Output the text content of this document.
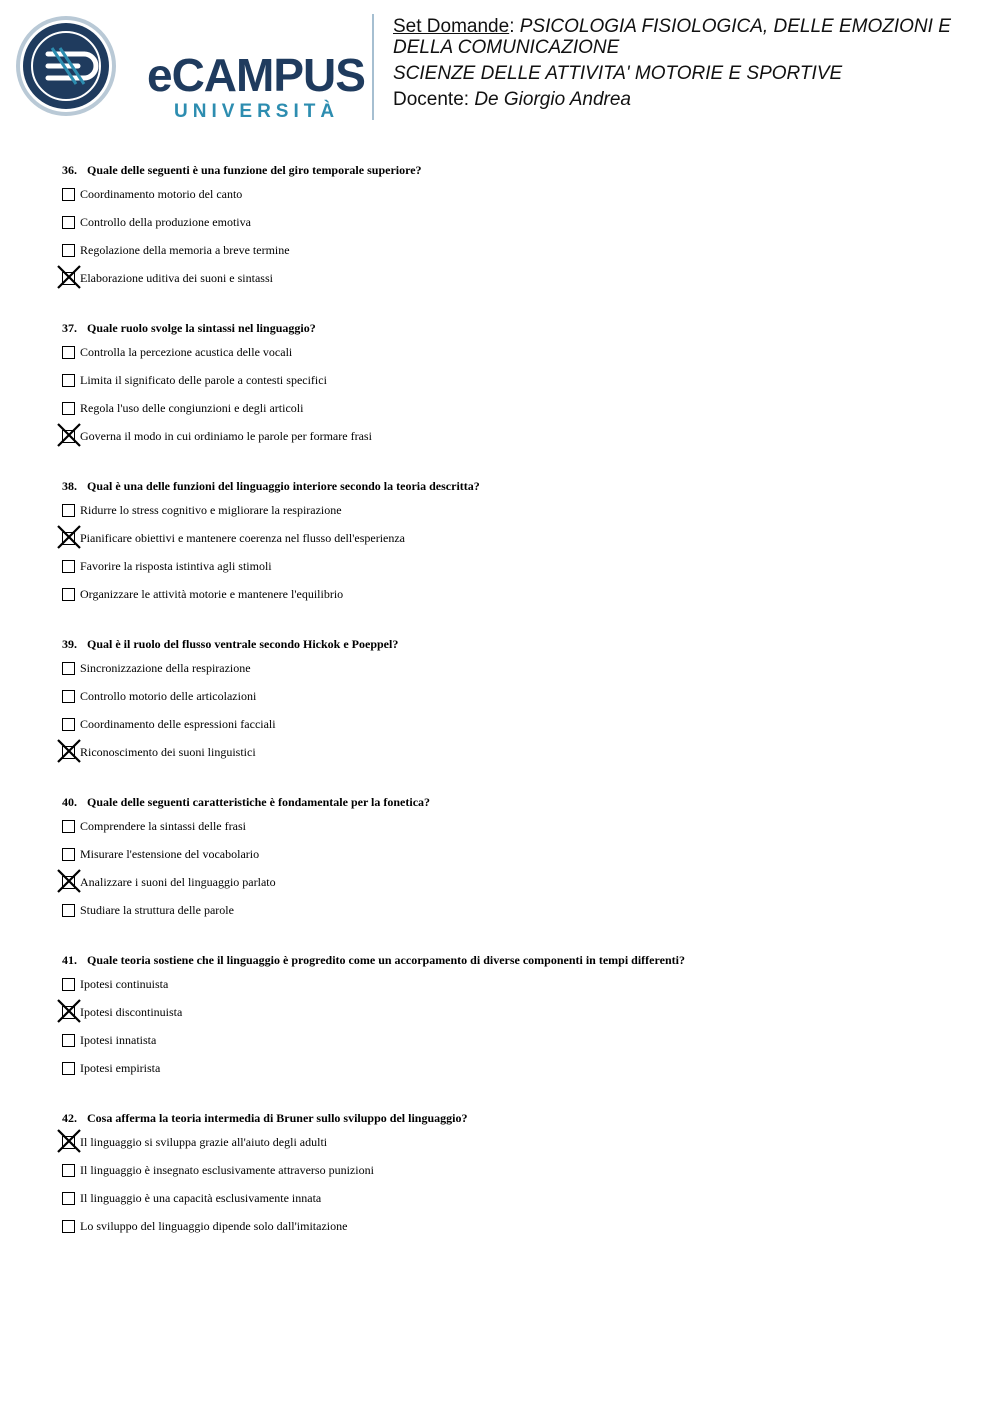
eCAMPUS
UNIVERSITÀ
Set Domande: PSICOLOGIA FISIOLOGICA, DELLE EMOZIONI E DELLA COMUNICAZIONE
SCIENZE DELLE ATTIVITA' MOTORIE E SPORTIVE
Docente: De Giorgio Andrea
36. Quale delle seguenti è una funzione del giro temporale superiore?
Coordinamento motorio del canto
Controllo della produzione emotiva
Regolazione della memoria a breve termine
Elaborazione uditiva dei suoni e sintassi
37. Quale ruolo svolge la sintassi nel linguaggio?
Controlla la percezione acustica delle vocali
Limita il significato delle parole a contesti specifici
Regola l'uso delle congiunzioni e degli articoli
Governa il modo in cui ordiniamo le parole per formare frasi
38. Qual è una delle funzioni del linguaggio interiore secondo la teoria descritta?
Ridurre lo stress cognitivo e migliorare la respirazione
Pianificare obiettivi e mantenere coerenza nel flusso dell'esperienza
Favorire la risposta istintiva agli stimoli
Organizzare le attività motorie e mantenere l'equilibrio
39. Qual è il ruolo del flusso ventrale secondo Hickok e Poeppel?
Sincronizzazione della respirazione
Controllo motorio delle articolazioni
Coordinamento delle espressioni facciali
Riconoscimento dei suoni linguistici
40. Quale delle seguenti caratteristiche è fondamentale per la fonetica?
Comprendere la sintassi delle frasi
Misurare l'estensione del vocabolario
Analizzare i suoni del linguaggio parlato
Studiare la struttura delle parole
41. Quale teoria sostiene che il linguaggio è progredito come un accorpamento di diverse componenti in tempi differenti?
Ipotesi continuista
Ipotesi discontinuista
Ipotesi innatista
Ipotesi empirista
42. Cosa afferma la teoria intermedia di Bruner sullo sviluppo del linguaggio?
Il linguaggio si sviluppa grazie all'aiuto degli adulti
Il linguaggio è insegnato esclusivamente attraverso punizioni
Il linguaggio è una capacità esclusivamente innata
Lo sviluppo del linguaggio dipende solo dall'imitazione
